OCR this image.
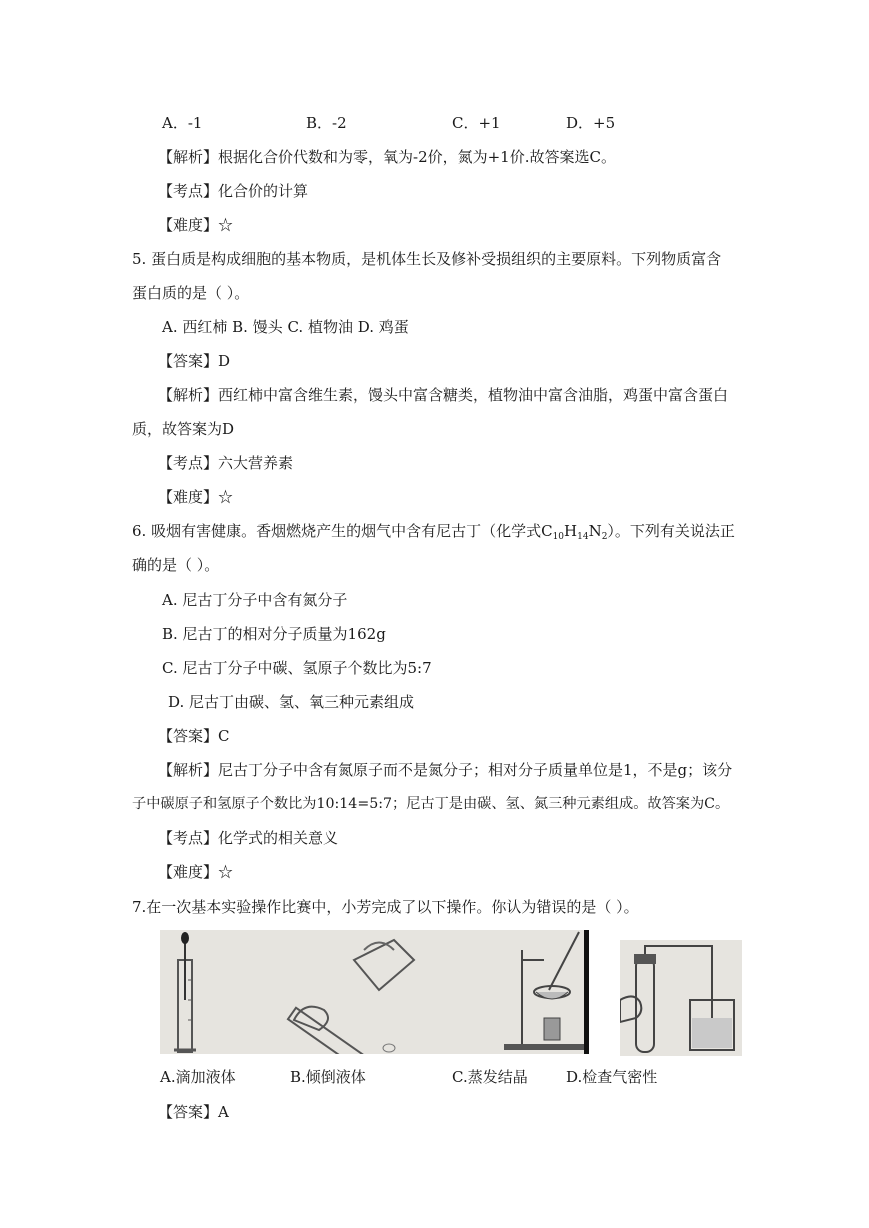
A．-1	B．-2	C．+1	D．+5
【解析】根据化合价代数和为零，氧为-2价，氮为+1价.故答案选C。
【考点】化合价的计算
【难度】☆
5. 蛋白质是构成细胞的基本物质，是机体生长及修补受损组织的主要原料。下列物质富含
蛋白质的是（ ）。
A. 西红柿 B. 馒头 C. 植物油 D. 鸡蛋
【答案】D
【解析】西红柿中富含维生素，馒头中富含糖类，植物油中富含油脂，鸡蛋中富含蛋白
质，故答案为D
【考点】六大营养素
【难度】☆
6. 吸烟有害健康。香烟燃烧产生的烟气中含有尼古丁（化学式$C_{10}H_{14}N_2$）。下列有关说法正
确的是（ ）。
A. 尼古丁分子中含有氮分子
B. 尼古丁的相对分子质量为162g
C. 尼古丁分子中碳、氢原子个数比为5:7
D. 尼古丁由碳、氢、氧三种元素组成
【答案】C
【解析】尼古丁分子中含有氮原子而不是氮分子；相对分子质量单位是1，不是g；该分
子中碳原子和氢原子个数比为10:14=5:7；尼古丁是由碳、氢、氮三种元素组成。故答案为C。
【考点】化学式的相关意义
【难度】☆
7.在一次基本实验操作比赛中，小芳完成了以下操作。你认为错误的是（ ）。
A.滴加液体	B.倾倒液体	C.蒸发结晶	D.检查气密性
【答案】A
